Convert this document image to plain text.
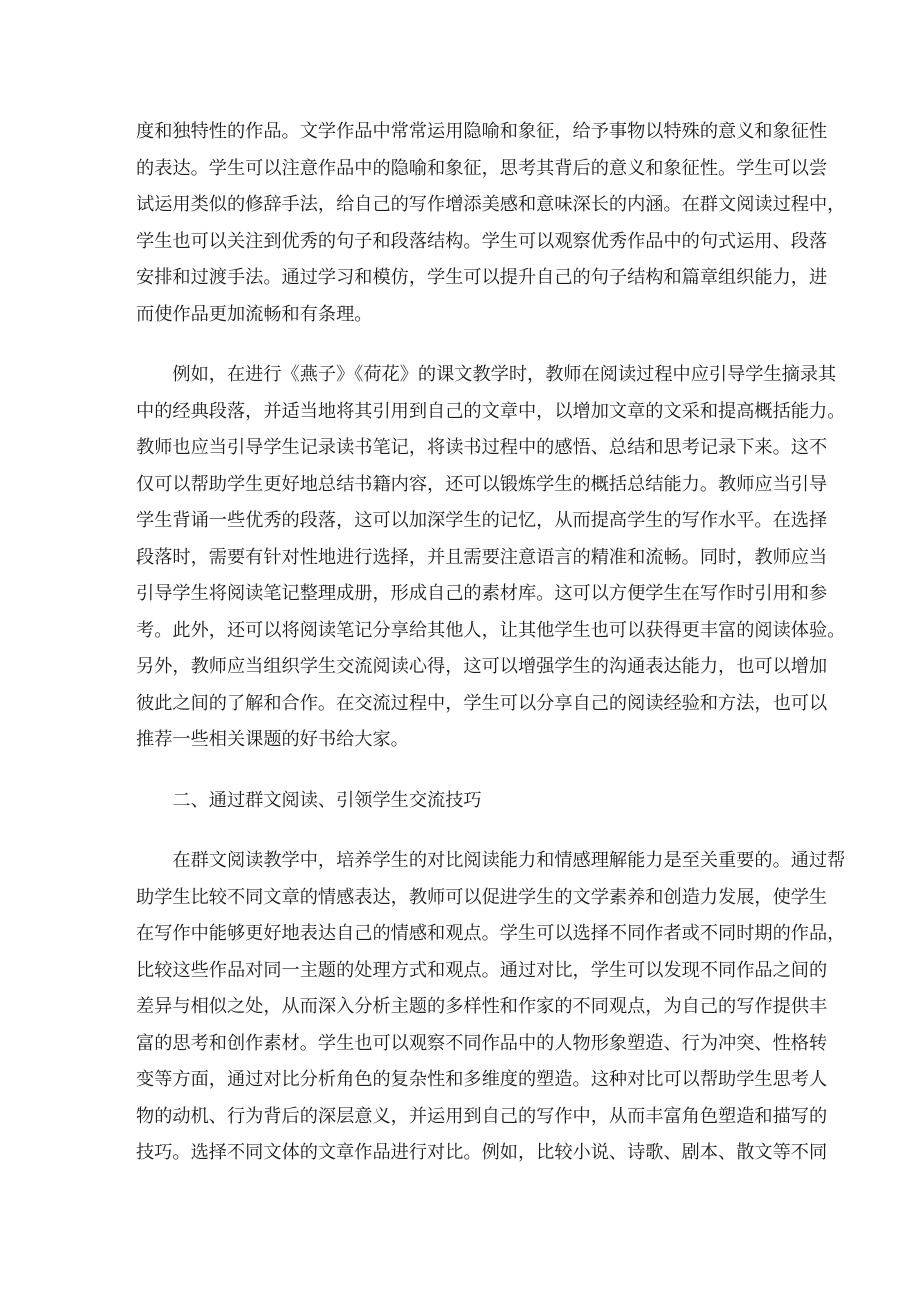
度和独特性的作品。文学作品中常常运用隐喻和象征，给予事物以特殊的意义和象征性
的表达。学生可以注意作品中的隐喻和象征，思考其背后的意义和象征性。学生可以尝
试运用类似的修辞手法，给自己的写作增添美感和意味深长的内涵。在群文阅读过程中，
学生也可以关注到优秀的句子和段落结构。学生可以观察优秀作品中的句式运用、段落
安排和过渡手法。通过学习和模仿，学生可以提升自己的句子结构和篇章组织能力，进
而使作品更加流畅和有条理。
例如，在进行《燕子》《荷花》的课文教学时，教师在阅读过程中应引导学生摘录其
中的经典段落，并适当地将其引用到自己的文章中，以增加文章的文采和提高概括能力。
教师也应当引导学生记录读书笔记，将读书过程中的感悟、总结和思考记录下来。这不
仅可以帮助学生更好地总结书籍内容，还可以锻炼学生的概括总结能力。教师应当引导
学生背诵一些优秀的段落，这可以加深学生的记忆，从而提高学生的写作水平。在选择
段落时，需要有针对性地进行选择，并且需要注意语言的精准和流畅。同时，教师应当
引导学生将阅读笔记整理成册，形成自己的素材库。这可以方便学生在写作时引用和参
考。此外，还可以将阅读笔记分享给其他人，让其他学生也可以获得更丰富的阅读体验。
另外，教师应当组织学生交流阅读心得，这可以增强学生的沟通表达能力，也可以增加
彼此之间的了解和合作。在交流过程中，学生可以分享自己的阅读经验和方法，也可以
推荐一些相关课题的好书给大家。
二、通过群文阅读、引领学生交流技巧
在群文阅读教学中，培养学生的对比阅读能力和情感理解能力是至关重要的。通过帮
助学生比较不同文章的情感表达，教师可以促进学生的文学素养和创造力发展，使学生
在写作中能够更好地表达自己的情感和观点。学生可以选择不同作者或不同时期的作品，
比较这些作品对同一主题的处理方式和观点。通过对比，学生可以发现不同作品之间的
差异与相似之处，从而深入分析主题的多样性和作家的不同观点，为自己的写作提供丰
富的思考和创作素材。学生也可以观察不同作品中的人物形象塑造、行为冲突、性格转
变等方面，通过对比分析角色的复杂性和多维度的塑造。这种对比可以帮助学生思考人
物的动机、行为背后的深层意义，并运用到自己的写作中，从而丰富角色塑造和描写的
技巧。选择不同文体的文章作品进行对比。例如，比较小说、诗歌、剧本、散文等不同
